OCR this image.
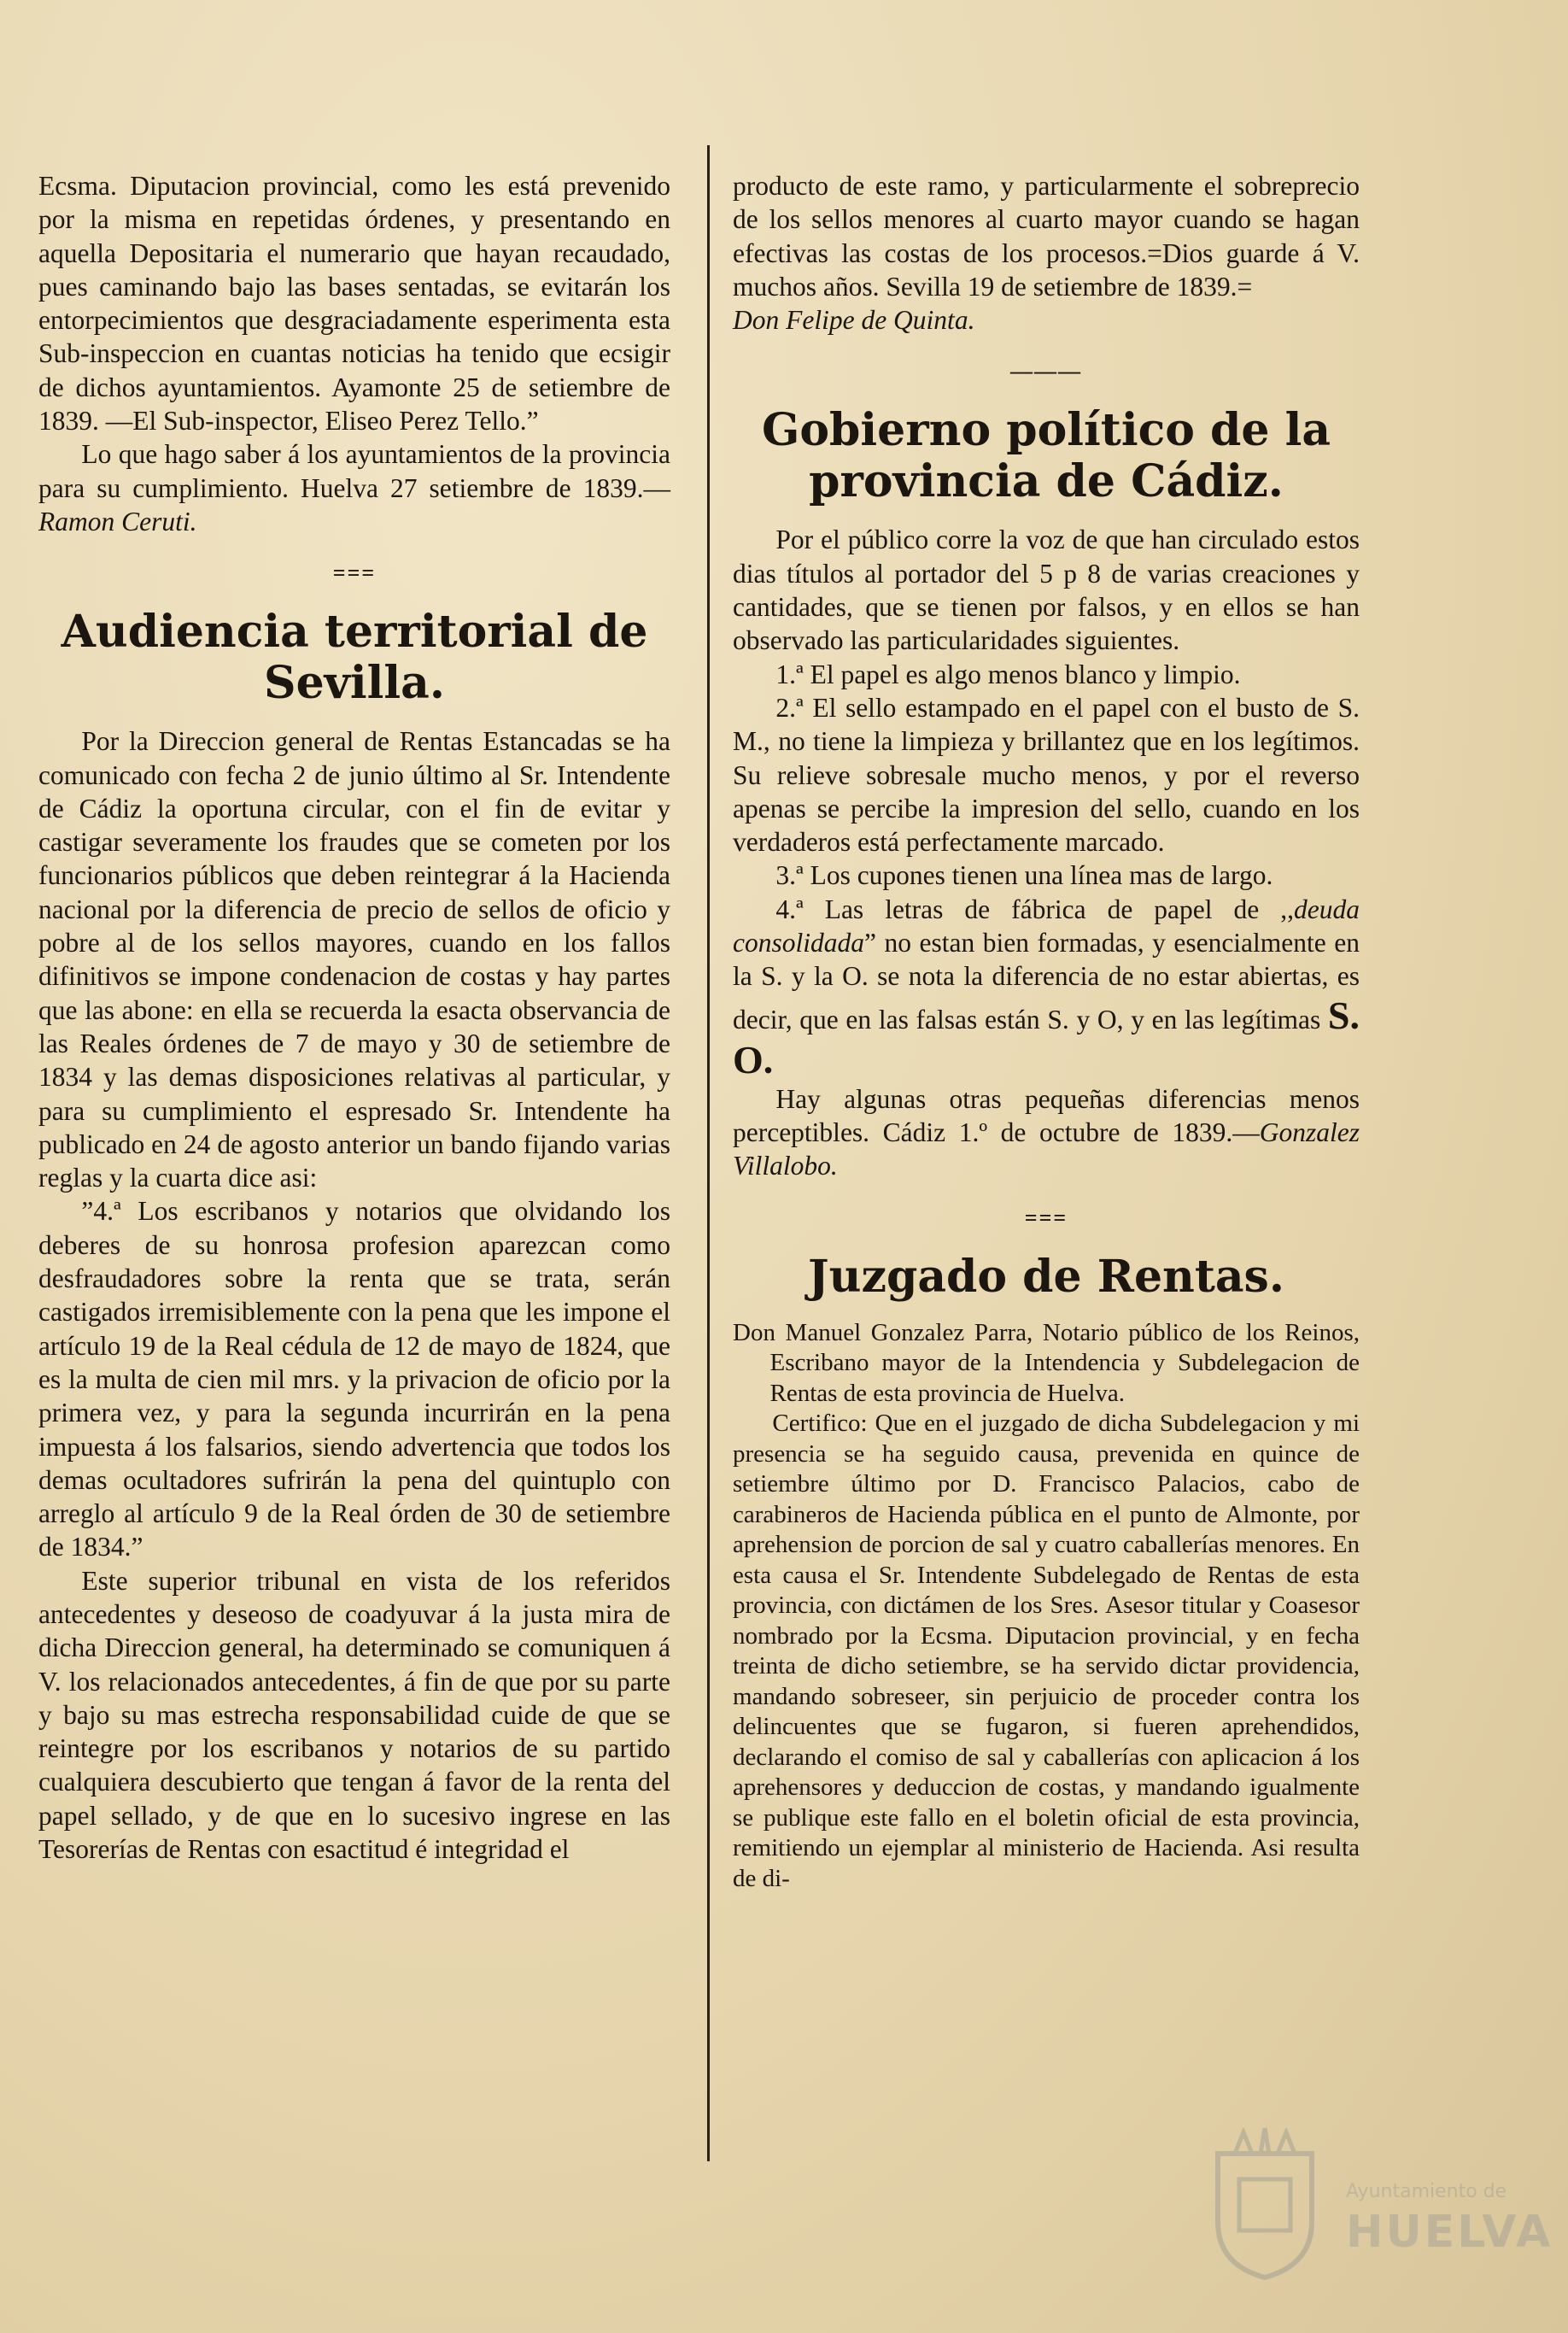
Ecsma. Diputacion provincial, como les está prevenido por la misma en repetidas órdenes, y presentando en aquella Depositaria el numerario que hayan recaudado, pues caminando bajo las bases sentadas, se evitarán los entorpecimientos que desgraciadamente esperimenta esta Sub-inspeccion en cuantas noticias ha tenido que ecsigir de dichos ayuntamientos. Ayamonte 25 de setiembre de 1839. —El Sub-inspector, Eliseo Perez Tello.”

Lo que hago saber á los ayuntamientos de la provincia para su cumplimiento. Huelva 27 setiembre de 1839.—Ramon Ceruti.

===
Audiencia territorial de Sevilla.

Por la Direccion general de Rentas Estancadas se ha comunicado con fecha 2 de junio último al Sr. Intendente de Cádiz la oportuna circular, con el fin de evitar y castigar severamente los fraudes que se cometen por los funcionarios públicos que deben reintegrar á la Hacienda nacional por la diferencia de precio de sellos de oficio y pobre al de los sellos mayores, cuando en los fallos difinitivos se impone condenacion de costas y hay partes que las abone: en ella se recuerda la esacta observancia de las Reales órdenes de 7 de mayo y 30 de setiembre de 1834 y las demas disposiciones relativas al particular, y para su cumplimiento el espresado Sr. Intendente ha publicado en 24 de agosto anterior un bando fijando varias reglas y la cuarta dice asi:

”4.ª Los escribanos y notarios que olvidando los deberes de su honrosa profesion aparezcan como desfraudadores sobre la renta que se trata, serán castigados irremisiblemente con la pena que les impone el artículo 19 de la Real cédula de 12 de mayo de 1824, que es la multa de cien mil mrs. y la privacion de oficio por la primera vez, y para la segunda incurrirán en la pena impuesta á los falsarios, siendo advertencia que todos los demas ocultadores sufrirán la pena del quintuplo con arreglo al artículo 9 de la Real órden de 30 de setiembre de 1834.”

Este superior tribunal en vista de los referidos antecedentes y deseoso de coadyuvar á la justa mira de dicha Direccion general, ha determinado se comuniquen á V. los relacionados antecedentes, á fin de que por su parte y bajo su mas estrecha responsabilidad cuide de que se reintegre por los escribanos y notarios de su partido cualquiera descubierto que tengan á favor de la renta del papel sellado, y de que en lo sucesivo ingrese en las Tesorerías de Rentas con esactitud é integridad el

producto de este ramo, y particularmente el sobreprecio de los sellos menores al cuarto mayor cuando se hagan efectivas las costas de los procesos.=Dios guarde á V. muchos años. Sevilla 19 de setiembre de 1839.=
Don Felipe de Quinta.

———
Gobierno político de la provincia de Cádiz.

Por el público corre la voz de que han circulado estos dias títulos al portador del 5 p 8 de varias creaciones y cantidades, que se tienen por falsos, y en ellos se han observado las particularidades siguientes.

1.ª El papel es algo menos blanco y limpio.

2.ª El sello estampado en el papel con el busto de S. M., no tiene la limpieza y brillantez que en los legítimos. Su relieve sobresale mucho menos, y por el reverso apenas se percibe la impresion del sello, cuando en los verdaderos está perfectamente marcado.

3.ª Los cupones tienen una línea mas de largo.

4.ª Las letras de fábrica de papel de ,,deuda consolidada” no estan bien formadas, y esencialmente en la S. y la O. se nota la diferencia de no estar abiertas, es decir, que en las falsas están S. y O, y en las legítimas S. O.

Hay algunas otras pequeñas diferencias menos perceptibles. Cádiz 1.º de octubre de 1839.—Gonzalez Villalobo.

===
Juzgado de Rentas.

Don Manuel Gonzalez Parra, Notario público de los Reinos, Escribano mayor de la Intendencia y Subdelegacion de Rentas de esta provincia de Huelva.

Certifico: Que en el juzgado de dicha Subdelegacion y mi presencia se ha seguido causa, prevenida en quince de setiembre último por D. Francisco Palacios, cabo de carabineros de Hacienda pública en el punto de Almonte, por aprehension de porcion de sal y cuatro caballerías menores. En esta causa el Sr. Intendente Subdelegado de Rentas de esta provincia, con dictámen de los Sres. Asesor titular y Coasesor nombrado por la Ecsma. Diputacion provincial, y en fecha treinta de dicho setiembre, se ha servido dictar providencia, mandando sobreseer, sin perjuicio de proceder contra los delincuentes que se fugaron, si fueren aprehendidos, declarando el comiso de sal y caballerías con aplicacion á los aprehensores y deduccion de costas, y mandando igualmente se publique este fallo en el boletin oficial de esta provincia, remitiendo un ejemplar al ministerio de Hacienda. Asi resulta de di-

Ayuntamiento de
HUELVA
